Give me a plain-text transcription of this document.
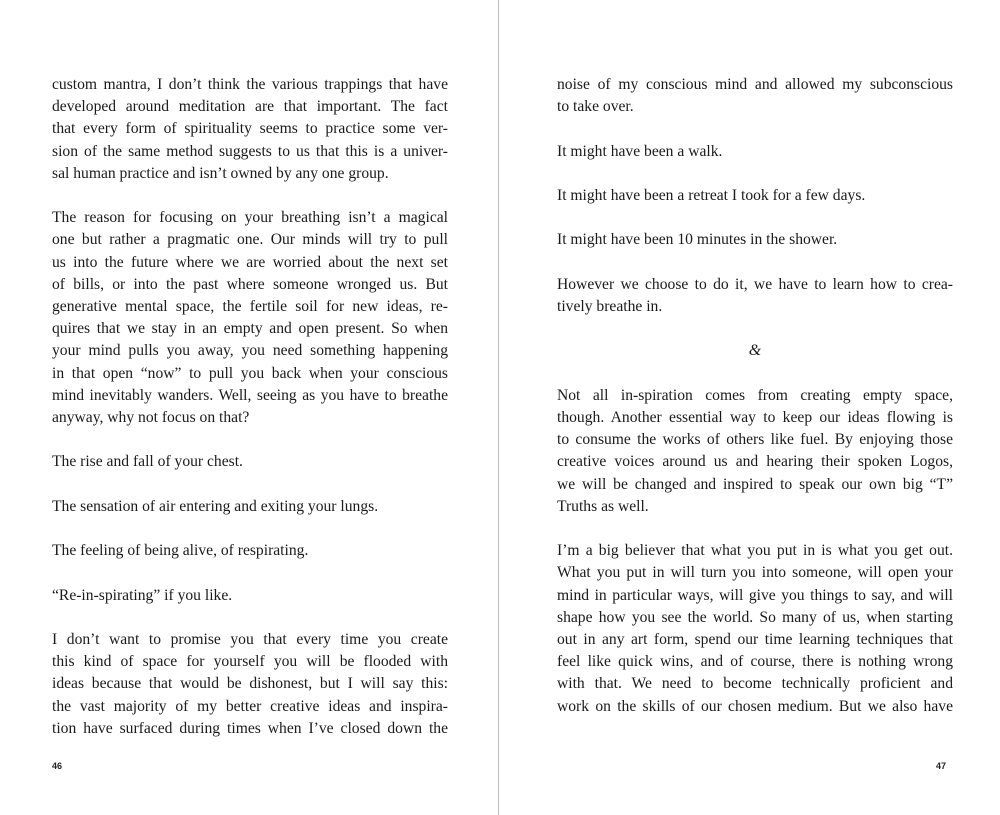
custom mantra, I don’t think the various trappings that have
developed around meditation are that important. The fact
that every form of spirituality seems to practice some ver-
sion of the same method suggests to us that this is a univer-
sal human practice and isn’t owned by any one group.
The reason for focusing on your breathing isn’t a magical
one but rather a pragmatic one. Our minds will try to pull
us into the future where we are worried about the next set
of bills, or into the past where someone wronged us. But
generative mental space, the fertile soil for new ideas, re-
quires that we stay in an empty and open present. So when
your mind pulls you away, you need something happening
in that open “now” to pull you back when your conscious
mind inevitably wanders. Well, seeing as you have to breathe
anyway, why not focus on that?
The rise and fall of your chest.
The sensation of air entering and exiting your lungs.
The feeling of being alive, of respirating.
“Re-in-spirating” if you like.
I don’t want to promise you that every time you create
this kind of space for yourself you will be flooded with
ideas because that would be dishonest, but I will say this:
the vast majority of my better creative ideas and inspira-
tion have surfaced during times when I’ve closed down the
noise of my conscious mind and allowed my subconscious
to take over.
It might have been a walk.
It might have been a retreat I took for a few days.
It might have been 10 minutes in the shower.
However we choose to do it, we have to learn how to crea-
tively breathe in.
&
Not all in-spiration comes from creating empty space,
though. Another essential way to keep our ideas flowing is
to consume the works of others like fuel. By enjoying those
creative voices around us and hearing their spoken Logos,
we will be changed and inspired to speak our own big “T”
Truths as well.
I’m a big believer that what you put in is what you get out.
What you put in will turn you into someone, will open your
mind in particular ways, will give you things to say, and will
shape how you see the world. So many of us, when starting
out in any art form, spend our time learning techniques that
feel like quick wins, and of course, there is nothing wrong
with that. We need to become technically proficient and
work on the skills of our chosen medium. But we also have
46	47
